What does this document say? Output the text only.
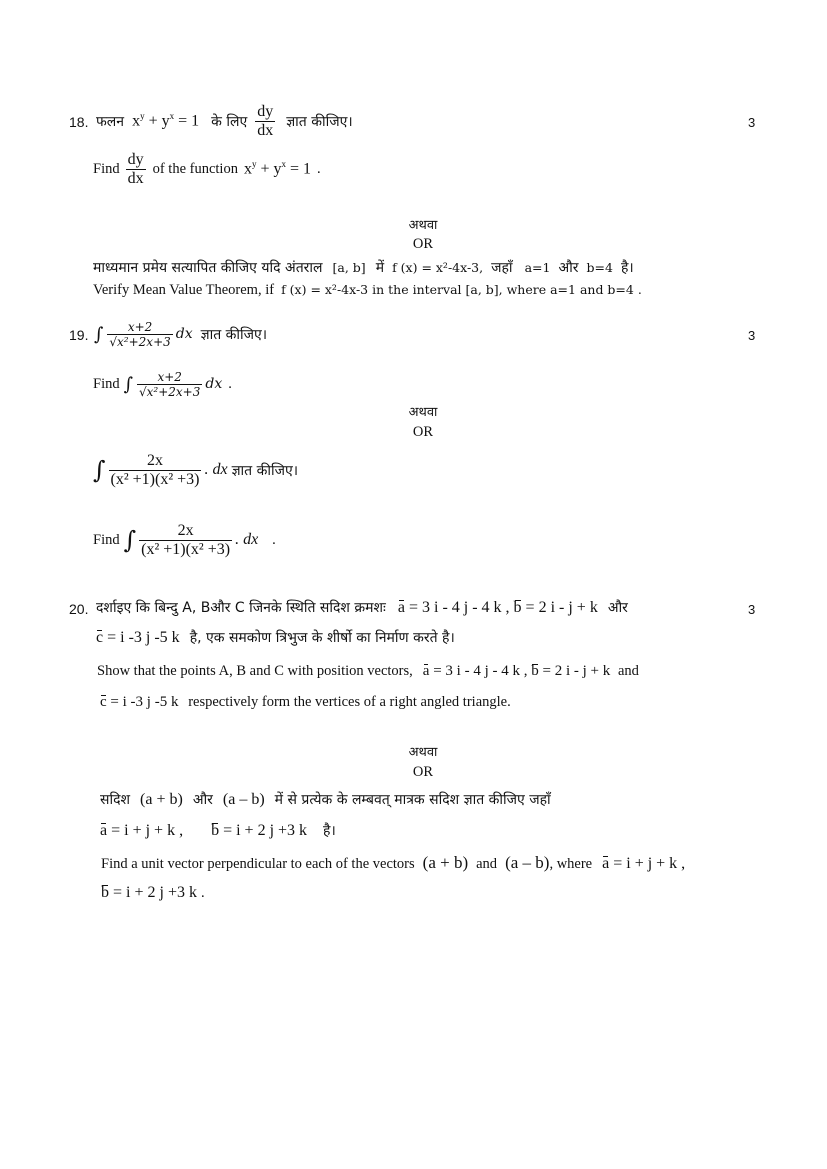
18. फलन $x^y + y^x = 1$ के लिए $\frac{dy}{dx}$ ज्ञात कीजिए।	3
Find $\frac{dy}{dx}$ of the function $x^y + y^x = 1$ .
अथवा
OR
माध्यमान प्रमेय सत्यापित कीजिए यदि अंतराल [a, b] में f (x) = x²-4x-3, जहाँ a=1 और b=4 है।
Verify Mean Value Theorem, if f (x) = x²-4x-3 in the interval [a, b], where a=1 and b=4 .
19. ∫ $\frac{x+2}{\text{√x²+2x+3}}$ dx ज्ञात कीजिए।	3
Find ∫ $\frac{x+2}{\text{√x²+2x+3}}$ dx .
अथवा
OR
∫ $\frac{2x}{\text{(x² +1)(x² +3)}}$ . dx ज्ञात कीजिए।
Find ∫ $\frac{2x}{\text{(x² +1)(x² +3)}}$ . dx .
20. दर्शाइए कि बिन्दु A, Bऔर C जिनके स्थिति सदिश क्रमशः a = 3 i - 4 j - 4 k , b = 2 i - j + k और	3
c = i -3 j -5 k है, एक समकोण त्रिभुज के शीर्षो का निर्माण करते है।
Show that the points A, B and C with position vectors, a = 3 i - 4 j - 4 k , b = 2 i - j + k and
c = i -3 j -5 k respectively form the vertices of a right angled triangle.
अथवा
OR
सदिश (a + b) और (a – b) में से प्रत्येक के लम्बवत् मात्रक सदिश ज्ञात कीजिए जहाँ
a = i + j + k , b = i + 2 j +3 k है।
Find a unit vector perpendicular to each of the vectors (a + b) and (a – b), where a = i + j + k ,
b = i + 2 j +3 k .
